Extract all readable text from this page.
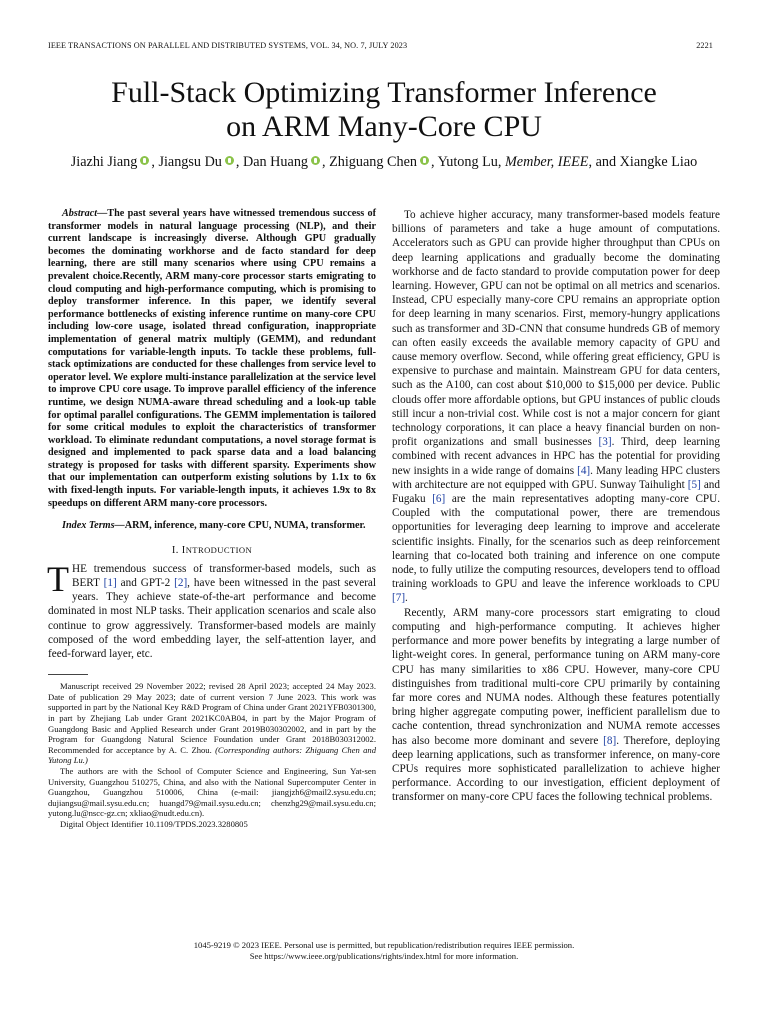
IEEE TRANSACTIONS ON PARALLEL AND DISTRIBUTED SYSTEMS, VOL. 34, NO. 7, JULY 2023	2221
Full-Stack Optimizing Transformer Inference
on ARM Many-Core CPU
Jiazhi Jiang , Jiangsu Du , Dan Huang , Zhiguang Chen , Yutong Lu, Member, IEEE, and Xiangke Liao

Abstract—The past several years have witnessed tremendous success of transformer models in natural language processing (NLP), and their current landscape is increasingly diverse. Although GPU gradually becomes the dominating workhorse and de facto standard for deep learning, there are still many scenarios where using CPU remains a prevalent choice.Recently, ARM many-core processor starts emigrating to cloud computing and high-performance computing, which is promising to deploy transformer inference. In this paper, we identify several performance bottlenecks of existing inference runtime on many-core CPU including low-core usage, isolated thread configuration, inappropriate implementation of general matrix multiply (GEMM), and redundant computations for variable-length inputs. To tackle these problems, full-stack optimizations are conducted for these challenges from service level to operator level. We explore multi-instance parallelization at the service level to improve CPU core usage. To improve parallel efficiency of the inference runtime, we design NUMA-aware thread scheduling and a look-up table for optimal parallel configurations. The GEMM implementation is tailored for some critical modules to exploit the characteristics of transformer workload. To eliminate redundant computations, a novel storage format is designed and implemented to pack sparse data and a load balancing strategy is proposed for tasks with different sparsity. Experiments show that our implementation can outperform existing solutions by 1.1x to 6x with fixed-length inputs. For variable-length inputs, it achieves 1.9x to 8x speedups on different ARM many-core processors.

Index Terms—ARM, inference, many-core CPU, NUMA, transformer.

I. INTRODUCTION

THE tremendous success of transformer-based models, such as BERT [1] and GPT-2 [2], have been witnessed in the past several years. They achieve state-of-the-art performance and become dominated in most NLP tasks. Their application scenarios and scale also continue to grow aggressively. Transformer-based models are mainly composed of the word embedding layer, the self-attention layer, and feed-forward layer, etc.

Manuscript received 29 November 2022; revised 28 April 2023; accepted 24 May 2023. Date of publication 29 May 2023; date of current version 7 June 2023. This work was supported in part by the National Key R&D Program of China under Grant 2021YFB0301300, in part by Zhejiang Lab under Grant 2021KC0AB04, in part by the Major Program of Guangdong Basic and Applied Research under Grant 2019B030302002, and in part by the Program for Guangdong Natural Science Foundation under Grant 2018B030312002. Recommended for acceptance by A. C. Zhou. (Corresponding authors: Zhiguang Chen and Yutong Lu.)

The authors are with the School of Computer Science and Engineering, Sun Yat-sen University, Guangzhou 510275, China, and also with the National Supercomputer Center in Guangzhou, Guangzhou 510006, China (e-mail: jiangjzh6@mail2.sysu.edu.cn; dujiangsu@mail.sysu.edu.cn; huangd79@mail.sysu.edu.cn; chenzhg29@mail.sysu.edu.cn; yutong.lu@nscc-gz.cn; xkliao@nudt.edu.cn).

Digital Object Identifier 10.1109/TPDS.2023.3280805

To achieve higher accuracy, many transformer-based models feature billions of parameters and take a huge amount of computations. Accelerators such as GPU can provide higher throughput than CPUs on deep learning applications and gradually become the dominating workhorse and de facto standard to provide computation power for deep learning. However, GPU can not be optimal on all metrics and scenarios. Instead, CPU especially many-core CPU remains an appropriate option for deep learning in many scenarios. First, memory-hungry applications such as transformer and 3D-CNN that consume hundreds GB of memory can often easily exceeds the available memory capacity of GPU and cause memory overflow. Second, while offering great efficiency, GPU is expensive to purchase and maintain. Mainstream GPU for data centers, such as the A100, can cost about $10,000 to $15,000 per device. Public clouds offer more affordable options, but GPU instances of public clouds still incur a non-trivial cost. While cost is not a major concern for giant technology corporations, it can place a heavy financial burden on non-profit organizations and small businesses [3]. Third, deep learning combined with recent advances in HPC has the potential for providing new insights in a wide range of domains [4]. Many leading HPC clusters with architecture are not equipped with GPU. Sunway Taihulight [5] and Fugaku [6] are the main representatives adopting many-core CPU. Coupled with the computational power, there are tremendous opportunities for leveraging deep learning to improve and accelerate scientific insights. Finally, for the scenarios such as deep reinforcement learning that co-located both training and inference on one compute node, to fully utilize the computing resources, developers tend to offload training workloads to GPU and leave the inference workloads to CPU [7].

Recently, ARM many-core processors start emigrating to cloud computing and high-performance computing. It achieves higher performance and more power benefits by integrating a large number of light-weight cores. In general, performance tuning on ARM many-core CPU has many similarities to x86 CPU. However, many-core CPU distinguishes from traditional multi-core CPU primarily by containing far more cores and NUMA nodes. Although these features potentially bring higher aggregate computing power, inefficient parallelism due to cache contention, thread synchronization and NUMA remote accesses has also become more dominant and severe [8]. Therefore, deploying deep learning applications, such as transformer inference, on many-core CPUs requires more sophisticated parallelization to achieve higher performance. According to our investigation, efficient deployment of transformer on many-core CPU faces the following technical problems.

1045-9219 © 2023 IEEE. Personal use is permitted, but republication/redistribution requires IEEE permission.
See https://www.ieee.org/publications/rights/index.html for more information.
